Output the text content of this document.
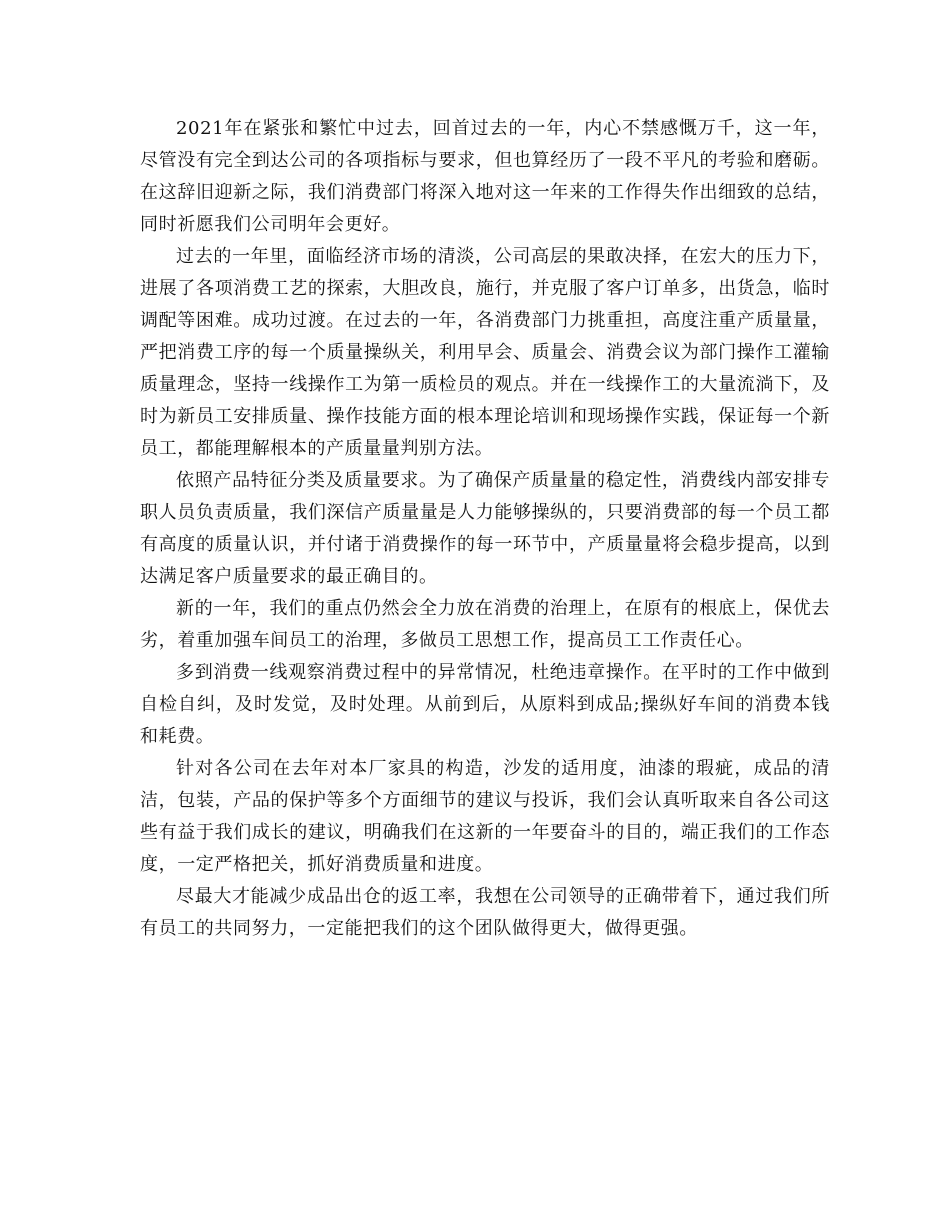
2021年在紧张和繁忙中过去，回首过去的一年，内心不禁感慨万千，这一年，尽管没有完全到达公司的各项指标与要求，但也算经历了一段不平凡的考验和磨砺。在这辞旧迎新之际，我们消费部门将深入地对这一年来的工作得失作出细致的总结，同时祈愿我们公司明年会更好。

过去的一年里，面临经济市场的清淡，公司高层的果敢决择，在宏大的压力下，进展了各项消费工艺的探索，大胆改良，施行，并克服了客户订单多，出货急，临时调配等困难。成功过渡。在过去的一年，各消费部门力挑重担，高度注重产质量量，严把消费工序的每一个质量操纵关，利用早会、质量会、消费会议为部门操作工灌输质量理念，坚持一线操作工为第一质检员的观点。并在一线操作工的大量流淌下，及时为新员工安排质量、操作技能方面的根本理论培训和现场操作实践，保证每一个新员工，都能理解根本的产质量量判别方法。

依照产品特征分类及质量要求。为了确保产质量量的稳定性，消费线内部安排专职人员负责质量，我们深信产质量量是人力能够操纵的，只要消费部的每一个员工都有高度的质量认识，并付诸于消费操作的每一环节中，产质量量将会稳步提高，以到达满足客户质量要求的最正确目的。

新的一年，我们的重点仍然会全力放在消费的治理上，在原有的根底上，保优去劣，着重加强车间员工的治理，多做员工思想工作，提高员工工作责任心。

多到消费一线观察消费过程中的异常情况，杜绝违章操作。在平时的工作中做到自检自纠，及时发觉，及时处理。从前到后，从原料到成品;操纵好车间的消费本钱和耗费。

针对各公司在去年对本厂家具的构造，沙发的适用度，油漆的瑕疵，成品的清洁，包装，产品的保护等多个方面细节的建议与投诉，我们会认真听取来自各公司这些有益于我们成长的建议，明确我们在这新的一年要奋斗的目的，端正我们的工作态度，一定严格把关，抓好消费质量和进度。

尽最大才能减少成品出仓的返工率，我想在公司领导的正确带着下，通过我们所有员工的共同努力，一定能把我们的这个团队做得更大，做得更强。
